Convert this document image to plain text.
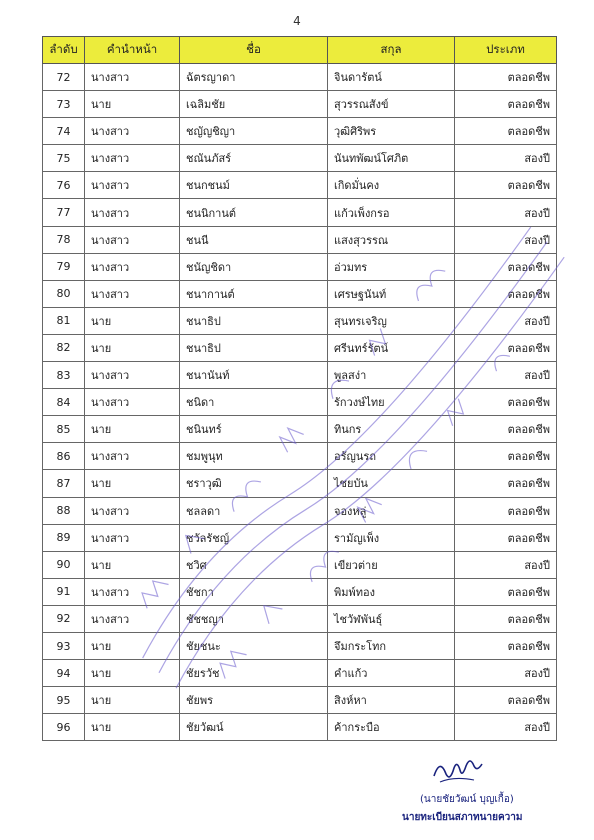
4
ลำดับ	คำนำหน้า	ชื่อ	สกุล	ประเภท
72	นางสาว	ฉัตรญาดา	จินดารัตน์	ตลอดชีพ
73	นาย	เฉลิมชัย	สุวรรณสังข์	ตลอดชีพ
74	นางสาว	ชญัญชิญา	วุฒิศิริพร	ตลอดชีพ
75	นางสาว	ชณันภัสร์	นันทพัฒน์โศภิต	สองปี
76	นางสาว	ชนกชนม์	เกิดมั่นคง	ตลอดชีพ
77	นางสาว	ชนนิกานต์	แก้วเพ็งกรอ	สองปี
78	นางสาว	ชนนี	แสงสุวรรณ	สองปี
79	นางสาว	ชนัญชิดา	อ่วมทร	ตลอดชีพ
80	นางสาว	ชนากานต์	เศรษฐนันท์	ตลอดชีพ
81	นาย	ชนาธิป	สุนทรเจริญ	สองปี
82	นาย	ชนาธิป	ศรีนทร์รัตน์	ตลอดชีพ
83	นางสาว	ชนานันท์	พูลสง่า	สองปี
84	นางสาว	ชนิดา	รักวงษ์ไทย	ตลอดชีพ
85	นาย	ชนินทร์	ทินกร	ตลอดชีพ
86	นางสาว	ชมพูนุท	อรัญนรถ	ตลอดชีพ
87	นาย	ชราวุฒิ	ไชยบัน	ตลอดชีพ
88	นางสาว	ชลลดา	จองหลู่	ตลอดชีพ
89	นางสาว	ชวัลรัชญ์	รามัญเพ็ง	ตลอดชีพ
90	นาย	ชวิศ	เขียวต่าย	สองปี
91	นางสาว	ชัชกา	พิมพ์ทอง	ตลอดชีพ
92	นางสาว	ชัชชญา	ไชวัฬพันธุ์	ตลอดชีพ
93	นาย	ชัยชนะ	จึมกระโทก	ตลอดชีพ
94	นาย	ชัยรวัช	คำแก้ว	สองปี
95	นาย	ชัยพร	สิงห์หา	ตลอดชีพ
96	นาย	ชัยวัฒน์	ค้ากระบือ	สองปี
(นายชัยวัฒน์ บุญเกื้อ)
นายทะเบียนสภาทนายความ
